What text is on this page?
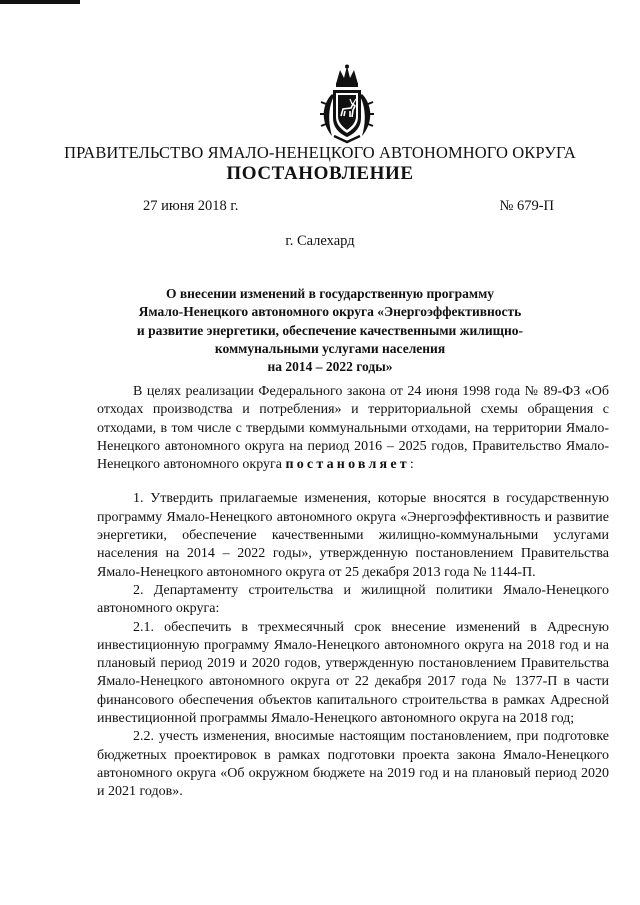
ПРАВИТЕЛЬСТВО ЯМАЛО-НЕНЕЦКОГО АВТОНОМНОГО ОКРУГА
ПОСТАНОВЛЕНИЕ
27 июня 2018 г.	№ 679-П
г. Салехард
О внесении изменений в государственную программу
Ямало-Ненецкого автономного округа «Энергоэффективность
и развитие энергетики, обеспечение качественными жилищно-
коммунальными услугами населения
на 2014 – 2022 годы»

В целях реализации Федерального закона от 24 июня 1998 года № 89-ФЗ «Об отходах производства и потребления» и территориальной схемы обращения с отходами, в том числе с твердыми коммунальными отходами, на территории Ямало-Ненецкого автономного округа на период 2016 – 2025 годов, Правительство Ямало-Ненецкого автономного округа постановляет:

1. Утвердить прилагаемые изменения, которые вносятся в государственную программу Ямало-Ненецкого автономного округа «Энергоэффективность и развитие энергетики, обеспечение качественными жилищно-коммунальными услугами населения на 2014 – 2022 годы», утвержденную постановлением Правительства Ямало-Ненецкого автономного округа от 25 декабря 2013 года № 1144-П.

2. Департаменту строительства и жилищной политики Ямало-Ненецкого автономного округа:

2.1. обеспечить в трехмесячный срок внесение изменений в Адресную инвестиционную программу Ямало-Ненецкого автономного округа на 2018 год и на плановый период 2019 и 2020 годов, утвержденную постановлением Правительства Ямало-Ненецкого автономного округа от 22 декабря 2017 года № 1377-П в части финансового обеспечения объектов капитального строительства в рамках Адресной инвестиционной программы Ямало-Ненецкого автономного округа на 2018 год;

2.2. учесть изменения, вносимые настоящим постановлением, при подготовке бюджетных проектировок в рамках подготовки проекта закона Ямало-Ненецкого автономного округа «Об окружном бюджете на 2019 год и на плановый период 2020 и 2021 годов».
